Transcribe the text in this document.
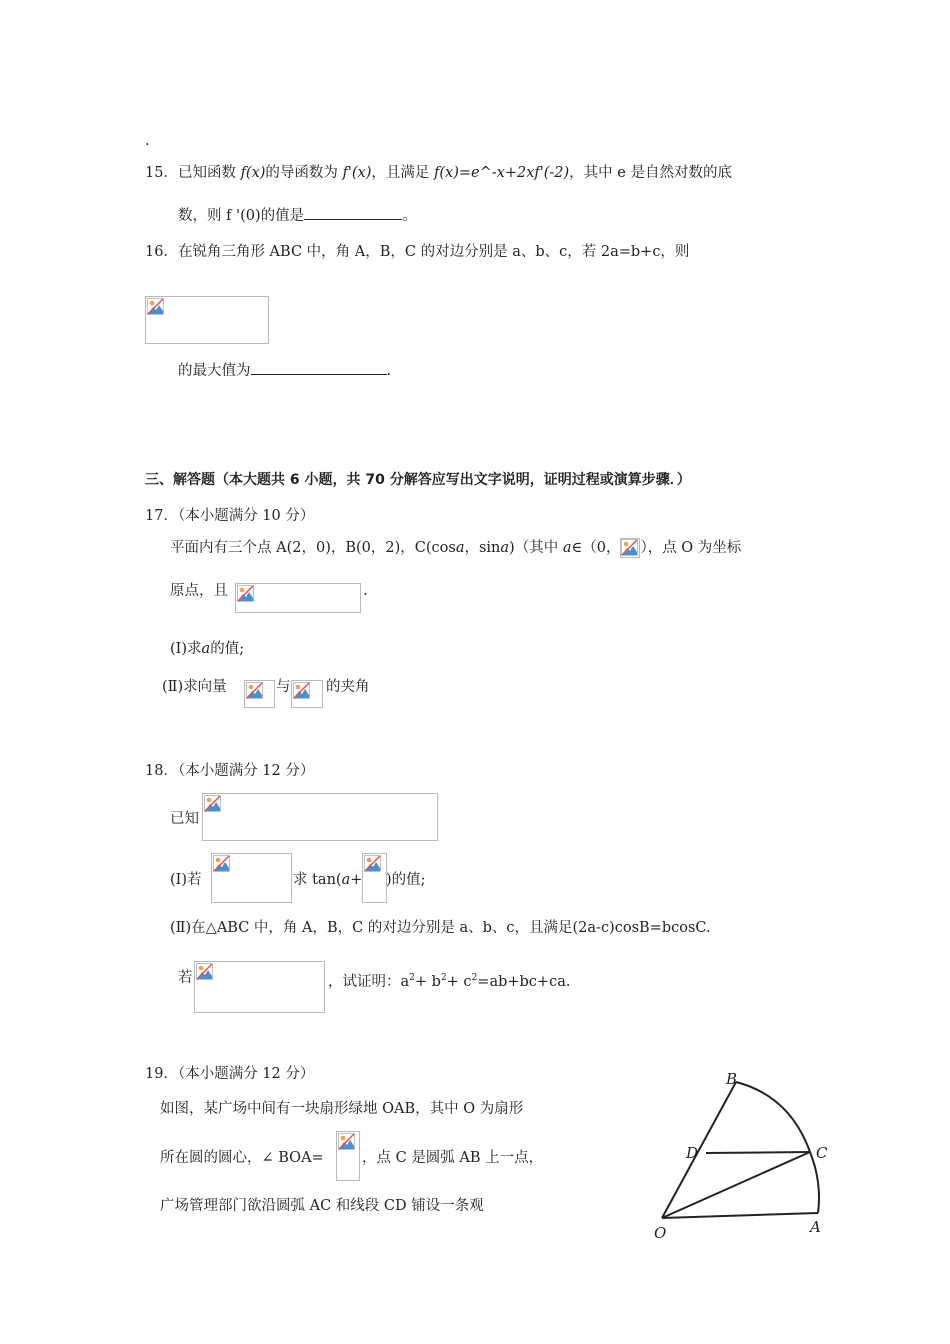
.
15．已知函数 f(x)的导函数为 f'(x)，且满足 f(x)=e^-x+2xf'(-2)，其中 e 是自然对数的底
数，则 f '(0)的值是	。
16．在锐角三角形 ABC 中，角 A，B，C 的对边分别是 a、b、c，若 2a=b+c，则
的最大值为	.
三、解答题（本大题共 6 小题，共 70 分解答应写出文字说明，证明过程或演算步骤．）
17．（本小题满分 10 分）
平面内有三个点 A(2，0)，B(0，2)，C(cosa，sina)（其中 a∈（0， ），点 O 为坐标
原点，且	.
(I)求a的值;
(Ⅱ)求向量	与 的夹角
18．（本小题满分 12 分）
已知
(I)若	求 tan(a+ )的值;
(Ⅱ)在△ABC 中，角 A，B，C 的对边分别是 a、b、c，且满足(2a-c)cosB=bcosC.
若	，试证明：$a^2+ b^2+ c^2=ab+bc+ca$.
19．（本小题满分 12 分）
如图，某广场中间有一块扇形绿地 OAB，其中 O 为扇形
所在圆的圆心，∠ BOA=	，点 C 是圆弧 AB 上一点，
广场管理部门欲沿圆弧 AC 和线段 CD 铺设一条观
B
C
D
O	A
